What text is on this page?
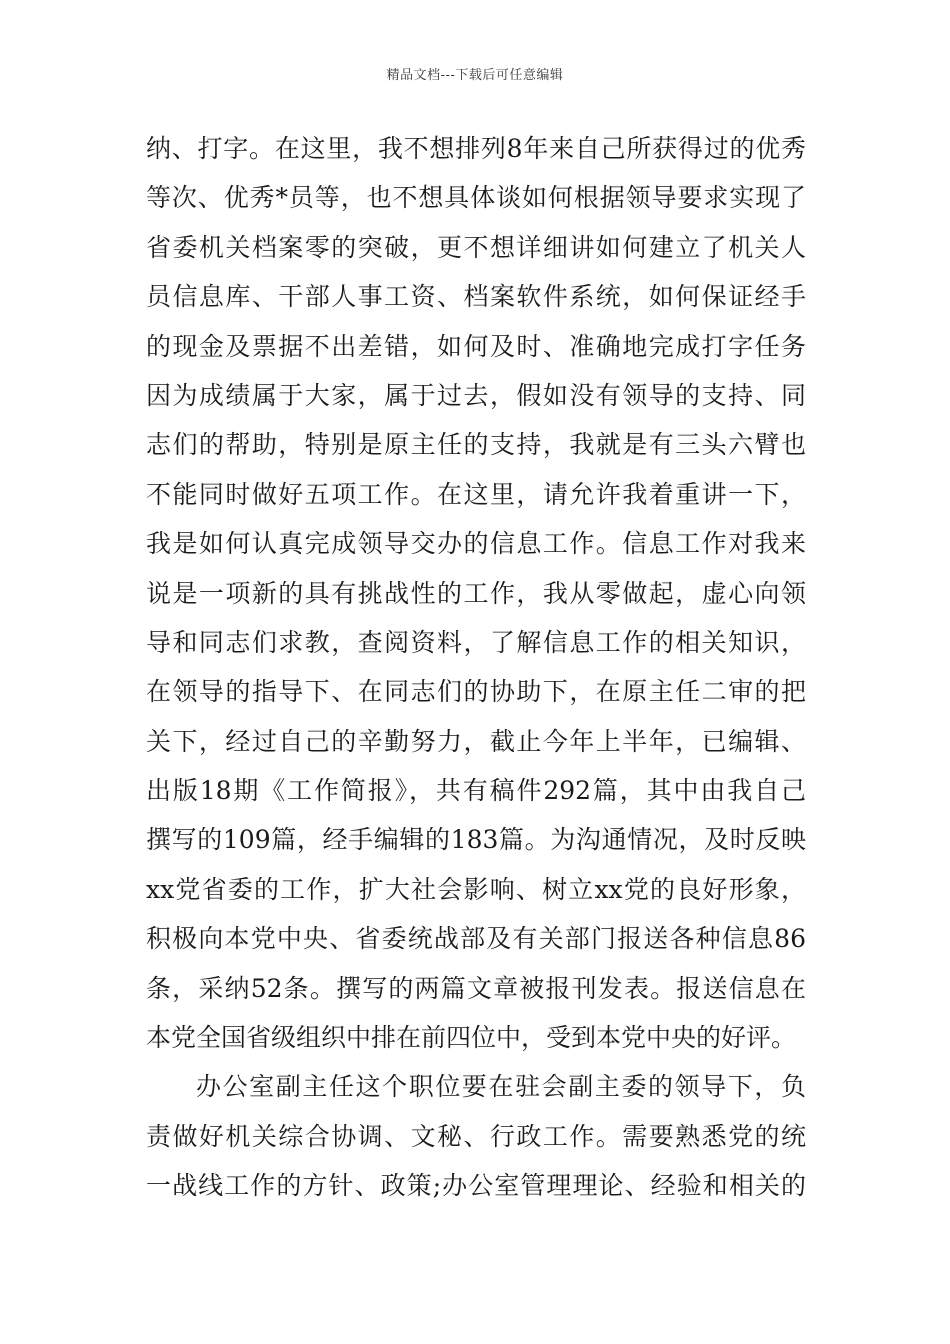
精品文档---下载后可任意编辑
纳、打字。在这里，我不想排列8年来自己所获得过的优秀
等次、优秀*员等，也不想具体谈如何根据领导要求实现了
省委机关档案零的突破，更不想详细讲如何建立了机关人
员信息库、干部人事工资、档案软件系统，如何保证经手
的现金及票据不出差错，如何及时、准确地完成打字任务
因为成绩属于大家，属于过去，假如没有领导的支持、同
志们的帮助，特别是原主任的支持，我就是有三头六臂也
不能同时做好五项工作。在这里，请允许我着重讲一下，
我是如何认真完成领导交办的信息工作。信息工作对我来
说是一项新的具有挑战性的工作，我从零做起，虚心向领
导和同志们求教，查阅资料，了解信息工作的相关知识，
在领导的指导下、在同志们的协助下，在原主任二审的把
关下，经过自己的辛勤努力，截止今年上半年，已编辑、
出版18期《工作简报》，共有稿件292篇，其中由我自己
撰写的109篇，经手编辑的183篇。为沟通情况，及时反映
xx党省委的工作，扩大社会影响、树立xx党的良好形象，
积极向本党中央、省委统战部及有关部门报送各种信息86
条，采纳52条。撰写的两篇文章被报刊发表。报送信息在
本党全国省级组织中排在前四位中，受到本党中央的好评。
办公室副主任这个职位要在驻会副主委的领导下，负
责做好机关综合协调、文秘、行政工作。需要熟悉党的统
一战线工作的方针、政策;办公室管理理论、经验和相关的
